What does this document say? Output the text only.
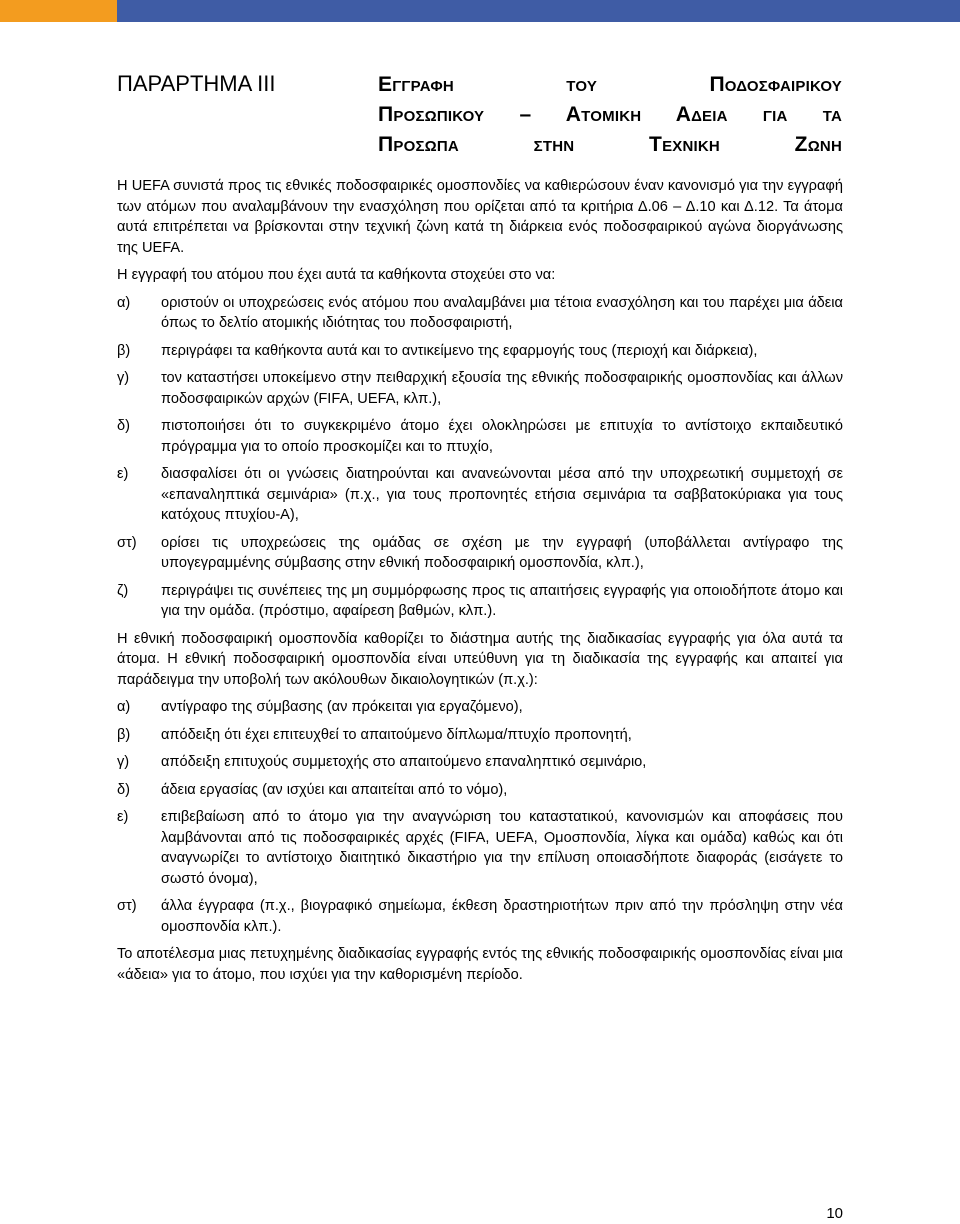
ΠΑΡΑΡΤΗΜΑ III	Εγγραφη του Ποδοσφαιρικου
Προσωπικου – Ατομικη Αδεια για τα
Προσωπα στην Τεχνικη Ζωνη

Η UEFA συνιστά προς τις εθνικές ποδοσφαιρικές ομοσπονδίες να καθιερώσουν έναν κανονισμό για την εγγραφή των ατόμων που αναλαμβάνουν την ενασχόληση που ορίζεται από τα κριτήρια Δ.06 – Δ.10 και Δ.12. Τα άτομα αυτά επιτρέπεται να βρίσκονται στην τεχνική ζώνη κατά τη διάρκεια ενός ποδοσφαιρικού αγώνα διοργάνωσης της UEFA.

Η εγγραφή του ατόμου που έχει αυτά τα καθήκοντα στοχεύει στο να:

α)	οριστούν οι υποχρεώσεις ενός ατόμου που αναλαμβάνει μια τέτοια ενασχόληση και του παρέχει μια άδεια όπως το δελτίο ατομικής ιδιότητας του ποδοσφαιριστή,
β)	περιγράφει τα καθήκοντα αυτά και το αντικείμενο της εφαρμογής τους (περιοχή και διάρκεια),
γ)	τον καταστήσει υποκείμενο στην πειθαρχική εξουσία της εθνικής ποδοσφαιρικής ομοσπονδίας και άλλων ποδοσφαιρικών αρχών (FIFA, UEFA, κλπ.),
δ)	πιστοποιήσει ότι το συγκεκριμένο άτομο έχει ολοκληρώσει με επιτυχία το αντίστοιχο εκπαιδευτικό πρόγραμμα για το οποίο προσκομίζει και το πτυχίο,
ε)	διασφαλίσει ότι οι γνώσεις διατηρούνται και ανανεώνονται μέσα από την υποχρεωτική συμμετοχή σε «επαναληπτικά σεμινάρια» (π.χ., για τους προπονητές ετήσια σεμινάρια τα σαββατοκύριακα για τους κατόχους πτυχίου-Α),
στ)	ορίσει τις υποχρεώσεις της ομάδας σε σχέση με την εγγραφή (υποβάλλεται αντίγραφο της υπογεγραμμένης σύμβασης στην εθνική ποδοσφαιρική ομοσπονδία, κλπ.),
ζ)	περιγράψει τις συνέπειες της μη συμμόρφωσης προς τις απαιτήσεις εγγραφής για οποιοδήποτε άτομο και για την ομάδα. (πρόστιμο, αφαίρεση βαθμών, κλπ.).

Η εθνική ποδοσφαιρική ομοσπονδία καθορίζει το διάστημα αυτής της διαδικασίας εγγραφής για όλα αυτά τα άτομα. Η εθνική ποδοσφαιρική ομοσπονδία είναι υπεύθυνη για τη διαδικασία της εγγραφής και απαιτεί για παράδειγμα την υποβολή των ακόλουθων δικαιολογητικών (π.χ.):

α)	αντίγραφο της σύμβασης (αν πρόκειται για εργαζόμενο),
β)	απόδειξη ότι έχει επιτευχθεί το απαιτούμενο δίπλωμα/πτυχίο προπονητή,
γ)	απόδειξη επιτυχούς συμμετοχής στο απαιτούμενο επαναληπτικό σεμινάριο,
δ)	άδεια εργασίας (αν ισχύει και απαιτείται από το νόμο),
ε)	επιβεβαίωση από το άτομο για την αναγνώριση του καταστατικού, κανονισμών και αποφάσεις που λαμβάνονται από τις ποδοσφαιρικές αρχές (FIFA, UEFA, Ομοσπονδία, λίγκα και ομάδα) καθώς και ότι αναγνωρίζει το αντίστοιχο διαιτητικό δικαστήριο για την επίλυση οποιασδήποτε διαφοράς (εισάγετε το σωστό όνομα),
στ)	άλλα έγγραφα (π.χ., βιογραφικό σημείωμα, έκθεση δραστηριοτήτων πριν από την πρόσληψη στην νέα ομοσπονδία κλπ.).

Το αποτέλεσμα μιας πετυχημένης διαδικασίας εγγραφής εντός της εθνικής ποδοσφαιρικής ομοσπονδίας είναι μια «άδεια» για το άτομο, που ισχύει για την καθορισμένη περίοδο.

10
